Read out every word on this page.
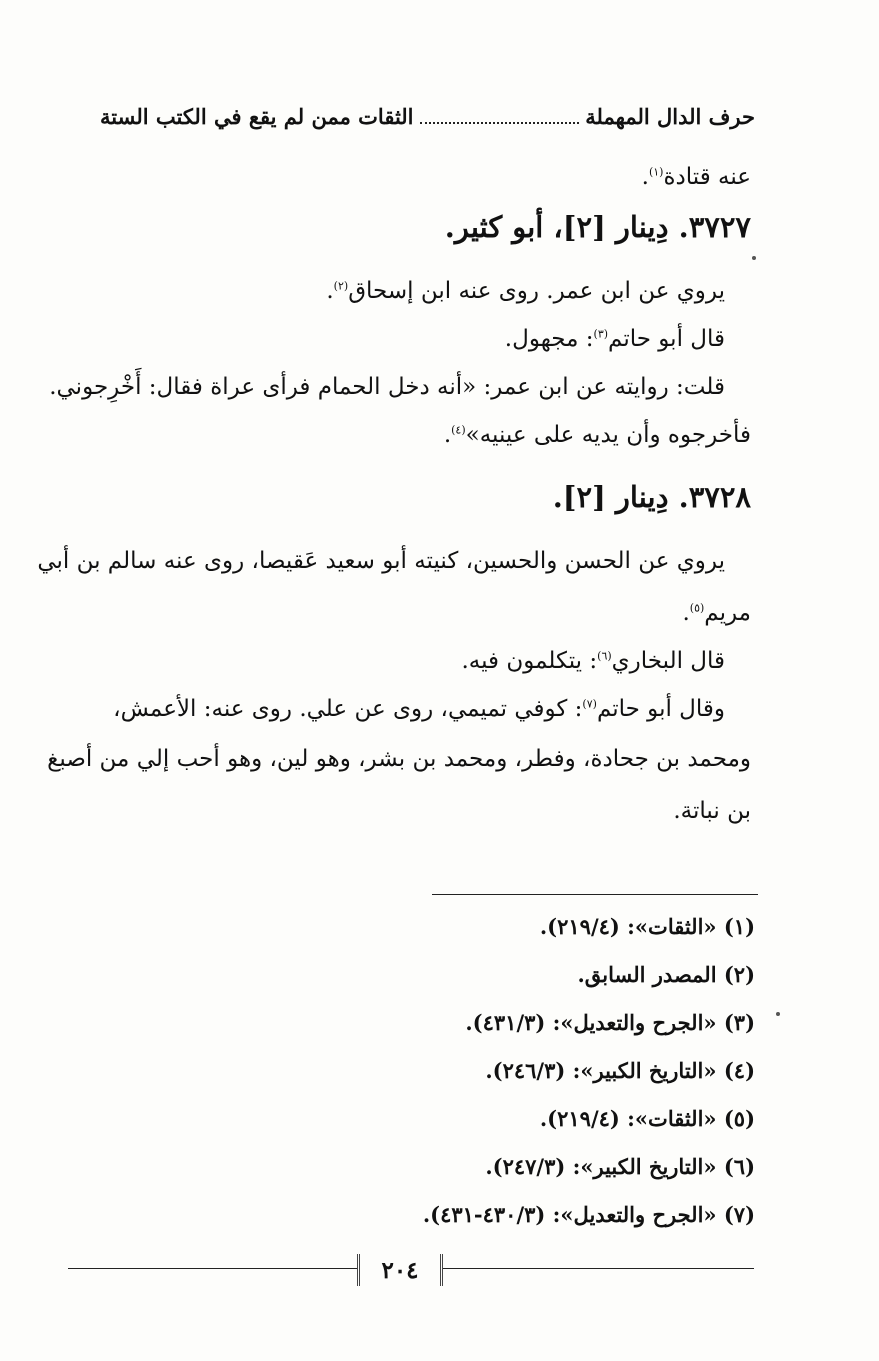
حرف الدال المهملة
الثقات ممن لم يقع في الكتب الستة
عنه قتادة$^{(١)}$.
٣٧٢٧. دِينار [٢]، أبو كثير.
يروي عن ابن عمر. روى عنه ابن إسحاق$^{(٢)}$.
قال أبو حاتم$^{(٣)}$: مجهول.
قلت: روايته عن ابن عمر: «أنه دخل الحمام فرأى عراة فقال: أَخْرِجوني.
فأخرجوه وأن يديه على عينيه»$^{(٤)}$.
٣٧٢٨. دِينار [٢].
يروي عن الحسن والحسين، كنيته أبو سعيد عَقيصا، روى عنه سالم بن أبي
مريم$^{(٥)}$.
قال البخاري$^{(٦)}$: يتكلمون فيه.
وقال أبو حاتم$^{(٧)}$: كوفي تميمي، روى عن علي. روى عنه: الأعمش،
ومحمد بن جحادة، وفطر، ومحمد بن بشر، وهو لين، وهو أحب إلي من أصبغ
بن نباتة.
(١) «الثقات»: (٢١٩/٤).
(٢) المصدر السابق.
(٣) «الجرح والتعديل»: (٤٣١/٣).
(٤) «التاريخ الكبير»: (٢٤٦/٣).
(٥) «الثقات»: (٢١٩/٤).
(٦) «التاريخ الكبير»: (٢٤٧/٣).
(٧) «الجرح والتعديل»: (٤٣٠/٣-٤٣١).
٢٠٤
